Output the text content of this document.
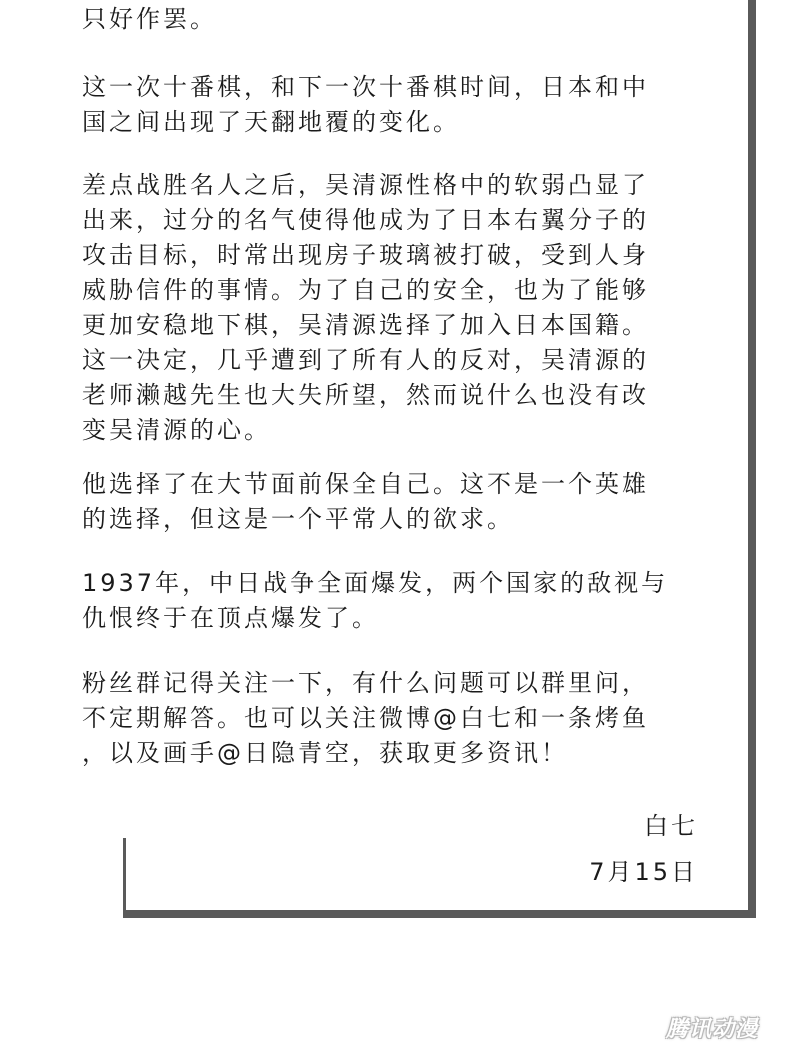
只好作罢。

这一次十番棋，和下一次十番棋时间，日本和中
国之间出现了天翻地覆的变化。

差点战胜名人之后，吴清源性格中的软弱凸显了
出来，过分的名气使得他成为了日本右翼分子的
攻击目标，时常出现房子玻璃被打破，受到人身
威胁信件的事情。为了自己的安全，也为了能够
更加安稳地下棋，吴清源选择了加入日本国籍。
这一决定，几乎遭到了所有人的反对，吴清源的
老师濑越先生也大失所望，然而说什么也没有改
变吴清源的心。

他选择了在大节面前保全自己。这不是一个英雄
的选择，但这是一个平常人的欲求。

1937年，中日战争全面爆发，两个国家的敌视与
仇恨终于在顶点爆发了。

粉丝群记得关注一下，有什么问题可以群里问，
不定期解答。也可以关注微博@白七和一条烤鱼
，以及画手@日隐青空，获取更多资讯！

白七
7月15日
腾讯动漫
